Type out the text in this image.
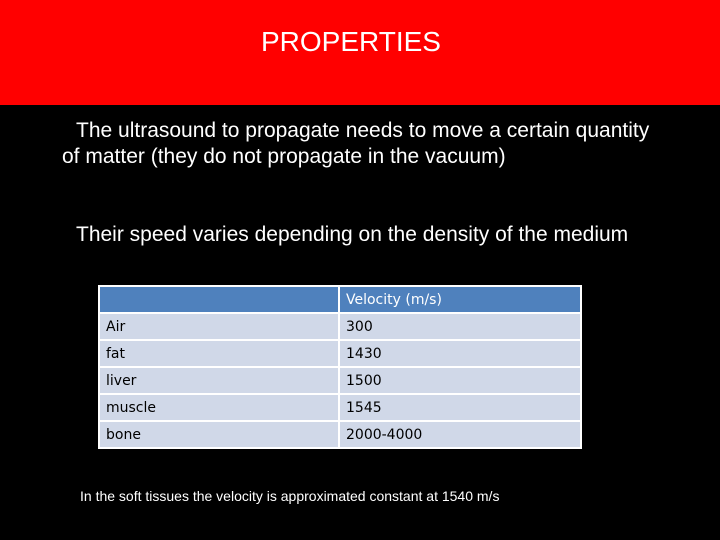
PROPERTIES
The ultrasound to propagate needs to move a certain quantity of matter (they do not propagate in the vacuum)
Their speed varies depending on the density of the medium
	Velocity (m/s)
Air	300
fat	1430
liver	1500
muscle	1545
bone	2000-4000
In the soft tissues the velocity is approximated constant at 1540 m/s
